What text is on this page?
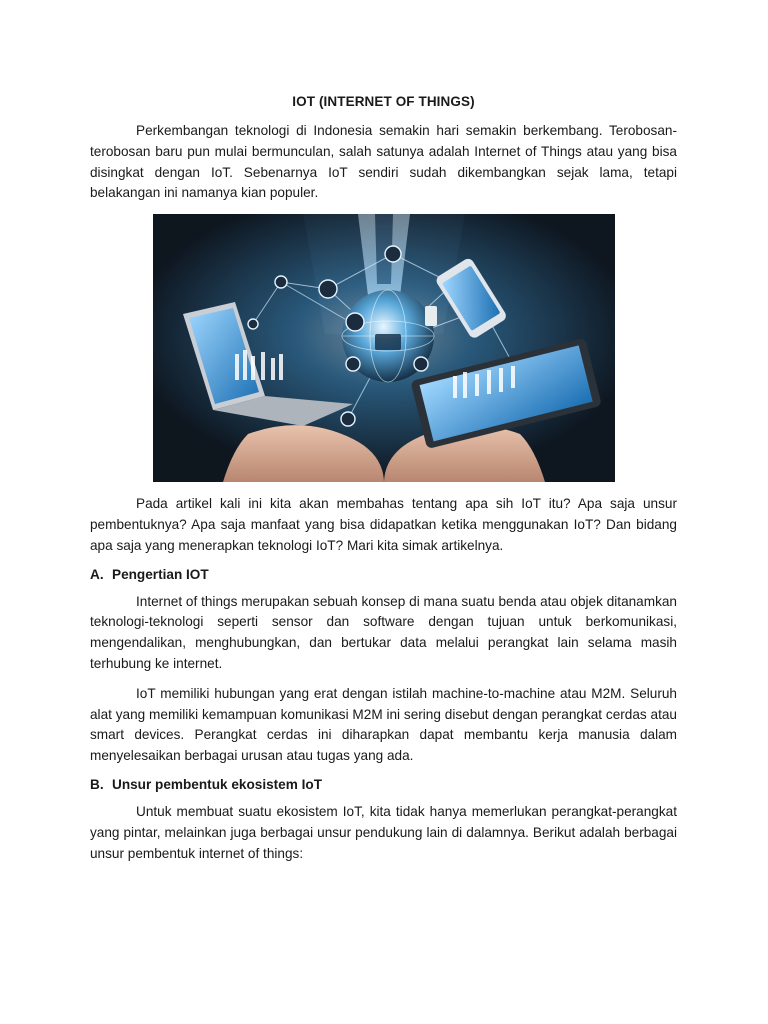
IOT (INTERNET OF THINGS)

Perkembangan teknologi di Indonesia semakin hari semakin berkembang. Terobosan-terobosan baru pun mulai bermunculan, salah satunya adalah Internet of Things atau yang bisa disingkat dengan IoT. Sebenarnya IoT sendiri sudah dikembangkan sejak lama, tetapi belakangan ini namanya kian populer.

Pada artikel kali ini kita akan membahas tentang apa sih IoT itu? Apa saja unsur pembentuknya? Apa saja manfaat yang bisa didapatkan ketika menggunakan IoT? Dan bidang apa saja yang menerapkan teknologi IoT? Mari kita simak artikelnya.

A. Pengertian IOT

Internet of things merupakan sebuah konsep di mana suatu benda atau objek ditanamkan teknologi-teknologi seperti sensor dan software dengan tujuan untuk berkomunikasi, mengendalikan, menghubungkan, dan bertukar data melalui perangkat lain selama masih terhubung ke internet.

IoT memiliki hubungan yang erat dengan istilah machine-to-machine atau M2M. Seluruh alat yang memiliki kemampuan komunikasi M2M ini sering disebut dengan perangkat cerdas atau smart devices. Perangkat cerdas ini diharapkan dapat membantu kerja manusia dalam menyelesaikan berbagai urusan atau tugas yang ada.

B. Unsur pembentuk ekosistem IoT

Untuk membuat suatu ekosistem IoT, kita tidak hanya memerlukan perangkat-perangkat yang pintar, melainkan juga berbagai unsur pendukung lain di dalamnya. Berikut adalah berbagai unsur pembentuk internet of things:
